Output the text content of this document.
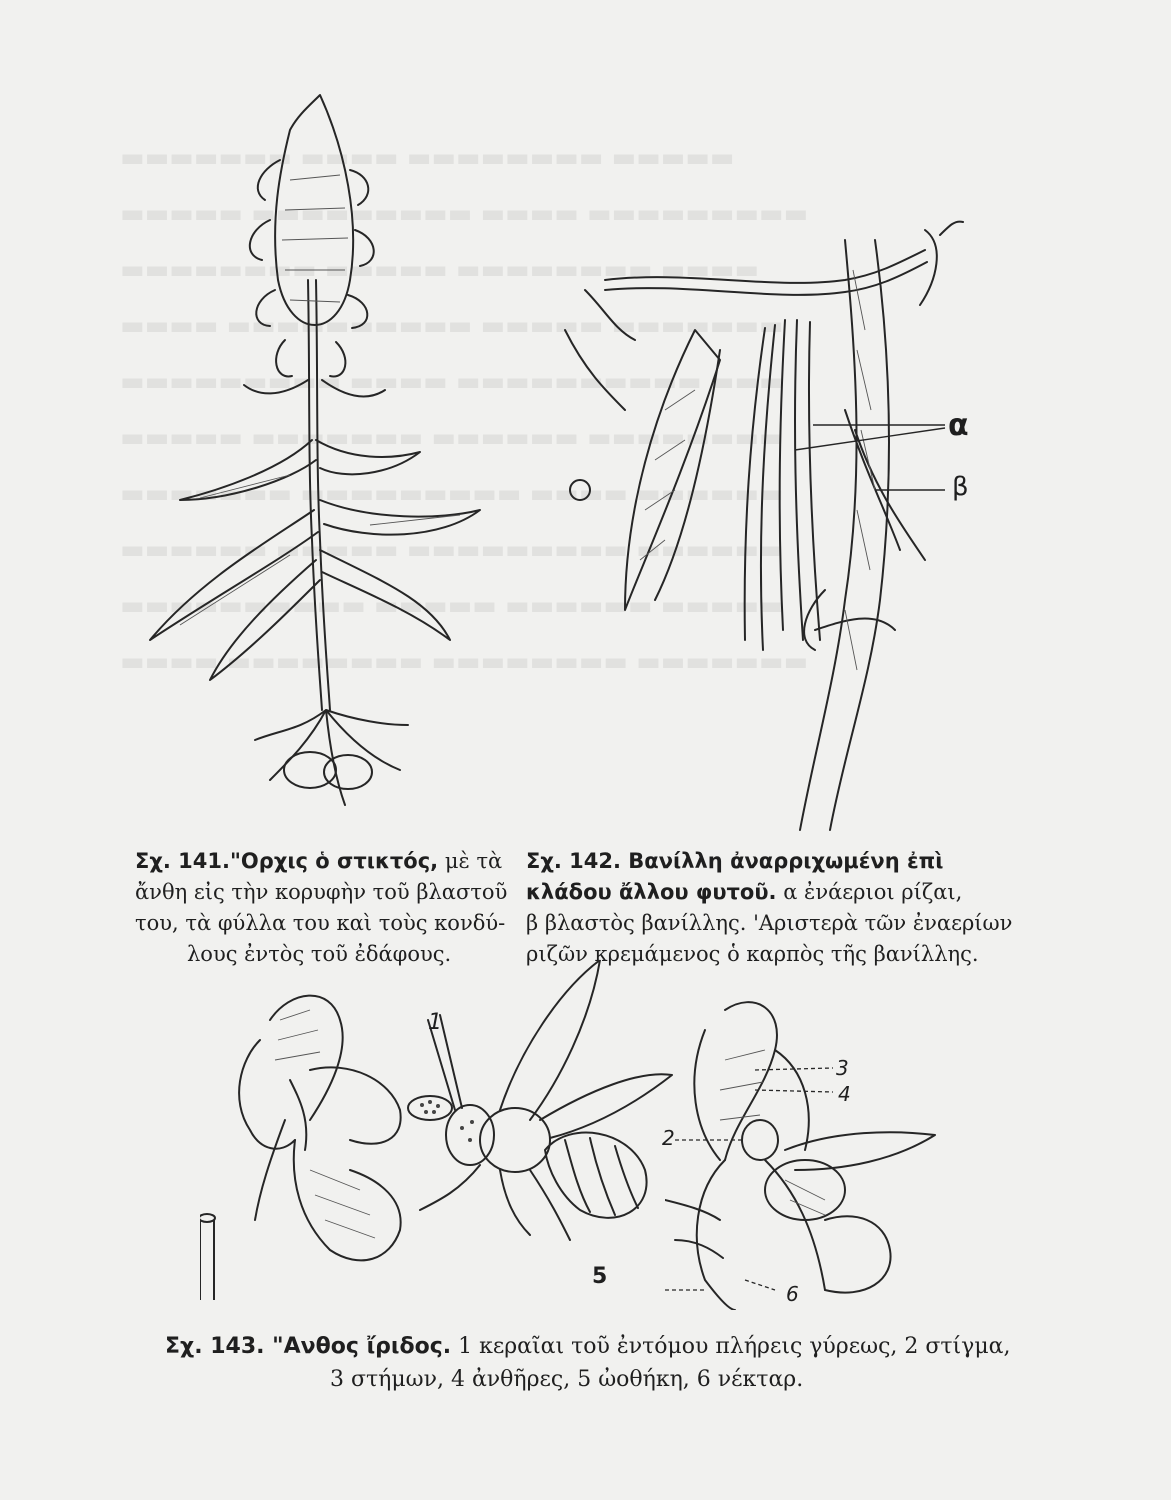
▬▬▬▬▬▬▬ ▬▬▬▬ ▬▬▬▬▬▬▬▬ ▬▬▬▬▬
▬▬▬▬▬ ▬▬▬▬▬▬▬▬▬ ▬▬▬▬ ▬▬▬▬▬▬▬▬▬
▬▬▬▬▬▬▬▬ ▬▬▬▬▬ ▬▬▬▬▬▬▬▬ ▬▬▬▬
▬▬▬▬ ▬▬▬▬▬▬▬▬▬▬ ▬▬▬▬▬ ▬▬▬▬▬▬▬
▬▬▬▬▬▬▬▬▬ ▬▬▬▬ ▬▬▬▬▬▬▬▬▬▬ ▬▬▬
▬▬▬▬▬ ▬▬▬▬▬▬▬ ▬▬▬▬▬▬ ▬▬▬▬▬▬▬▬
▬▬▬▬▬▬▬ ▬▬▬▬▬▬▬▬▬ ▬▬▬▬ ▬▬▬▬▬▬
▬▬▬▬▬▬ ▬▬▬▬▬ ▬▬▬▬▬▬▬▬▬ ▬▬▬▬▬▬
▬▬▬▬▬▬▬▬▬▬ ▬▬▬▬▬ ▬▬▬▬▬▬ ▬▬▬▬▬
▬▬▬▬ ▬▬▬▬▬▬▬▬ ▬▬▬▬▬▬▬▬ ▬▬▬▬▬▬▬
α
β
Σχ. 141."Ορχις ὁ στικτός, μὲ τὰ
ἄνθη εἰς τὴν κορυφὴν τοῦ βλαστοῦ
του, τὰ φύλλα του καὶ τοὺς κονδύ-
λους ἐντὸς τοῦ ἐδάφους.
Σχ. 142. Βανίλλη ἀναρριχωμένη ἐπὶ
κλάδου ἄλλου φυτοῦ. α ἐνάεριοι ρίζαι,
β βλαστὸς βανίλλης. 'Αριστερὰ τῶν ἐναερίων
ριζῶν κρεμάμενος ὁ καρπὸς τῆς βανίλλης.
1
2
3
4
5
6
Σχ. 143. "Ανθος ἴριδος. 1 κεραῖαι τοῦ ἐντόμου πλήρεις γύρεως, 2 στίγμα,
3 στήμων, 4 ἀνθῆρες, 5 ὠοθήκη, 6 νέκταρ.
